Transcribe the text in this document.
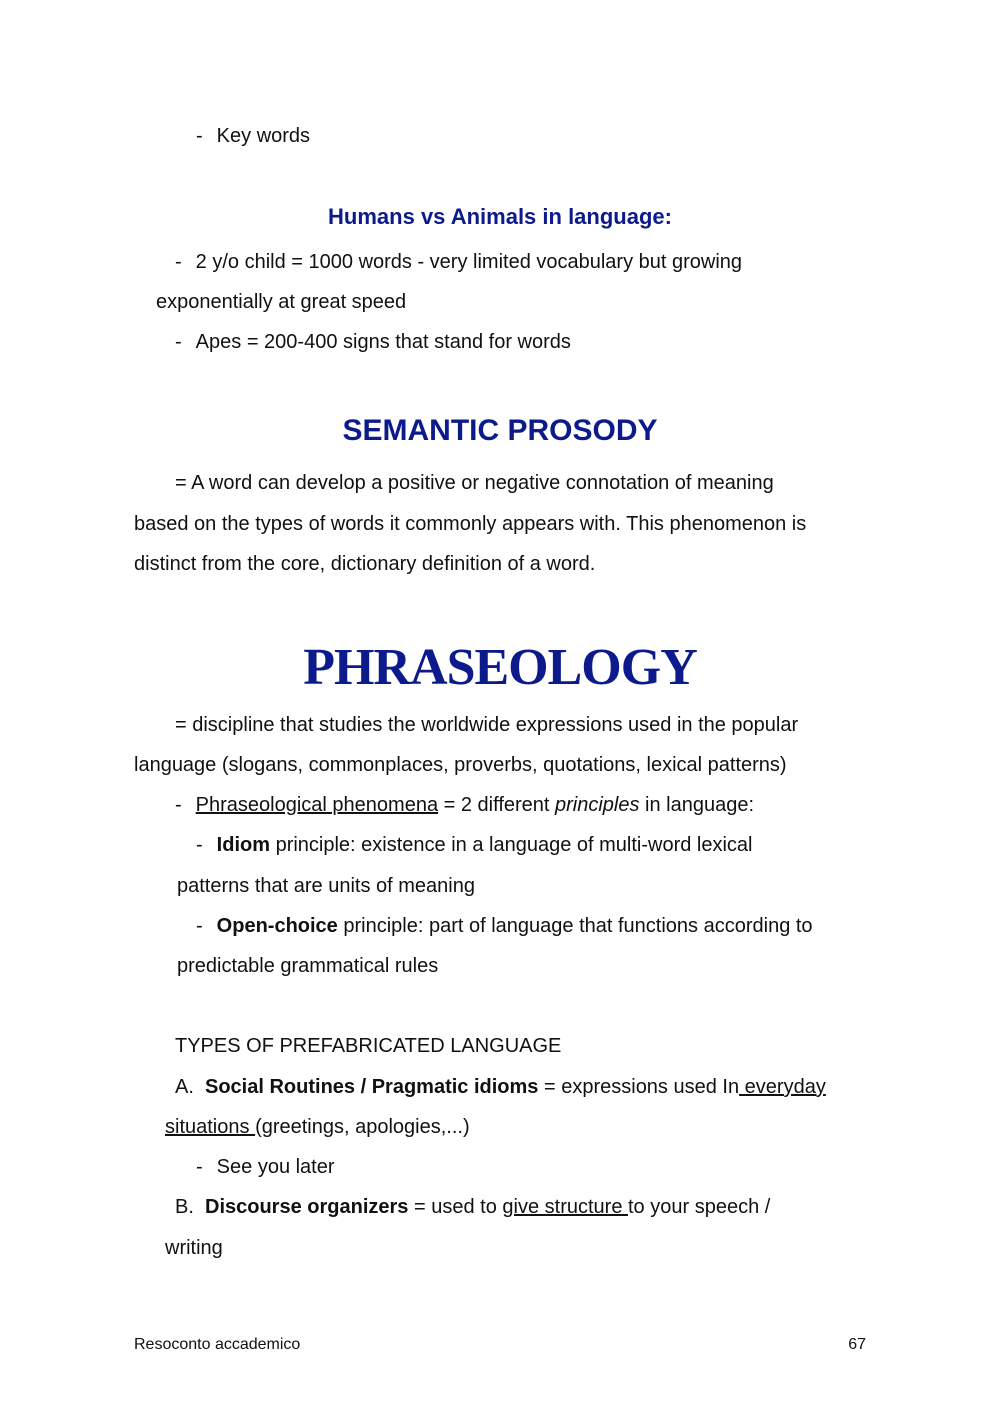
- Key words
Humans vs Animals in language:
- 2 y/o child = 1000 words - very limited vocabulary but growing
exponentially at great speed
- Apes = 200-400 signs that stand for words
SEMANTIC PROSODY
= A word can develop a positive or negative connotation of meaning
based on the types of words it commonly appears with. This phenomenon is
distinct from the core, dictionary definition of a word.
PHRASEOLOGY
= discipline that studies the worldwide expressions used in the popular
language (slogans, commonplaces, proverbs, quotations, lexical patterns)
- Phraseological phenomena = 2 different principles in language:
- Idiom principle: existence in a language of multi-word lexical
patterns that are units of meaning
- Open-choice principle: part of language that functions according to
predictable grammatical rules
TYPES OF PREFABRICATED LANGUAGE
A. Social Routines / Pragmatic idioms = expressions used In everyday
situations (greetings, apologies,...)
- See you later
B. Discourse organizers = used to give structure to your speech /
writing
Resoconto accademico	67
